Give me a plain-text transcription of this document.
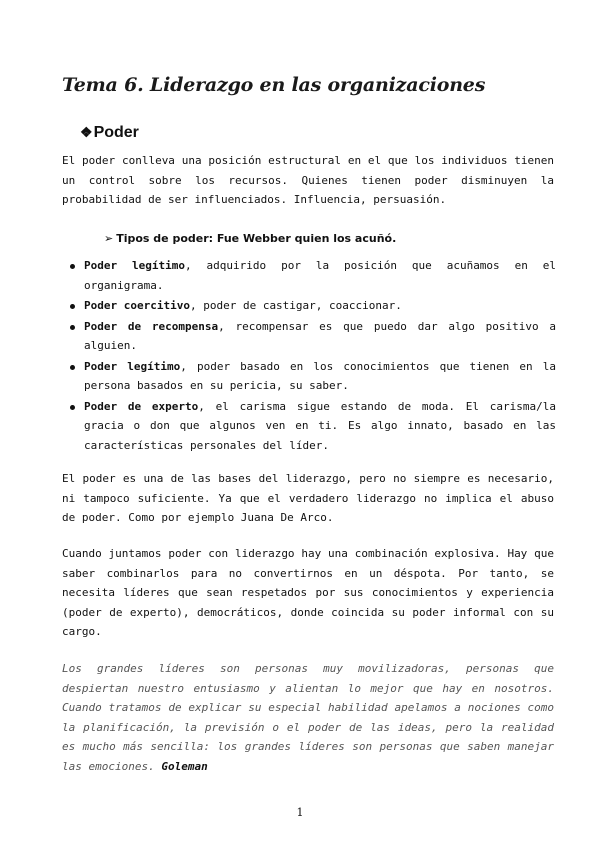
Tema 6. Liderazgo en las organizaciones
❖Poder

El poder conlleva una posición estructural en el que los individuos tienen un control sobre los recursos. Quienes tienen poder disminuyen la probabilidad de ser influenciados. Influencia, persuasión.

➢ Tipos de poder: Fue Webber quien los acuñó.

Poder legítimo, adquirido por la posición que acuñamos en el organigrama.
Poder coercitivo, poder de castigar, coaccionar.
Poder de recompensa, recompensar es que puedo dar algo positivo a alguien.
Poder legítimo, poder basado en los conocimientos que tienen en la persona basados en su pericia, su saber.
Poder de experto, el carisma sigue estando de moda. El carisma/la gracia o don que algunos ven en ti. Es algo innato, basado en las características personales del líder.

El poder es una de las bases del liderazgo, pero no siempre es necesario, ni tampoco suficiente. Ya que el verdadero liderazgo no implica el abuso de poder. Como por ejemplo Juana De Arco.

Cuando juntamos poder con liderazgo hay una combinación explosiva. Hay que saber combinarlos para no convertirnos en un déspota. Por tanto, se necesita líderes que sean respetados por sus conocimientos y experiencia (poder de experto), democráticos, donde coincida su poder informal con su cargo.

Los grandes líderes son personas muy movilizadoras, personas que despiertan nuestro entusiasmo y alientan lo mejor que hay en nosotros. Cuando tratamos de explicar su especial habilidad apelamos a nociones como la planificación, la previsión o el poder de las ideas, pero la realidad es mucho más sencilla: los grandes líderes son personas que saben manejar las emociones. Goleman

1
